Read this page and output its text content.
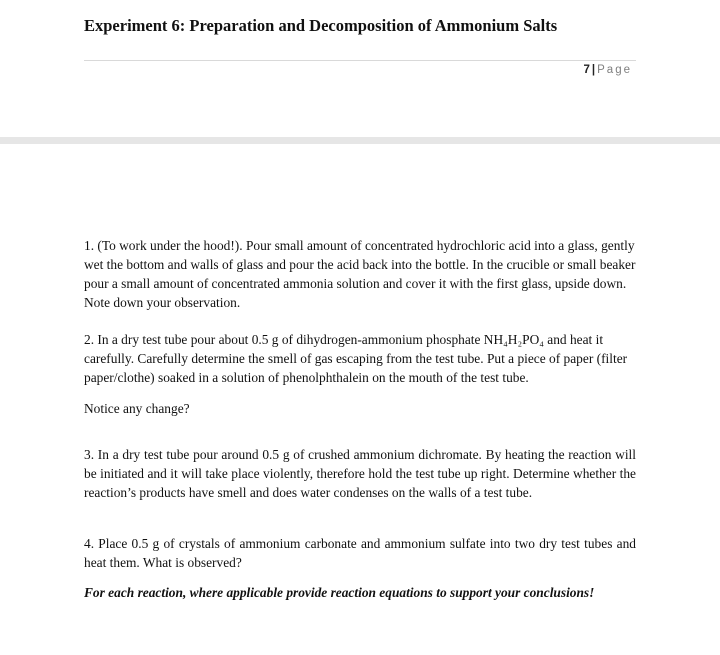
Experiment 6: Preparation and Decomposition of Ammonium Salts
7 | Page

1. (To work under the hood!). Pour small amount of concentrated hydrochloric acid into a glass, gently wet the bottom and walls of glass and pour the acid back into the bottle. In the crucible or small beaker pour a small amount of concentrated ammonia solution and cover it with the first glass, upside down. Note down your observation.

2. In a dry test tube pour about 0.5 g of dihydrogen-ammonium phosphate NH₄H₂PO₄ and heat it carefully. Carefully determine the smell of gas escaping from the test tube. Put a piece of paper (filter paper/clothe) soaked in a solution of phenolphthalein on the mouth of the test tube.

Notice any change?

3. In a dry test tube pour around 0.5 g of crushed ammonium dichromate. By heating the reaction will be initiated and it will take place violently, therefore hold the test tube up right. Determine whether the reaction’s products have smell and does water condenses on the walls of a test tube.

4. Place 0.5 g of crystals of ammonium carbonate and ammonium sulfate into two dry test tubes and heat them. What is observed?

For each reaction, where applicable provide reaction equations to support your conclusions!
